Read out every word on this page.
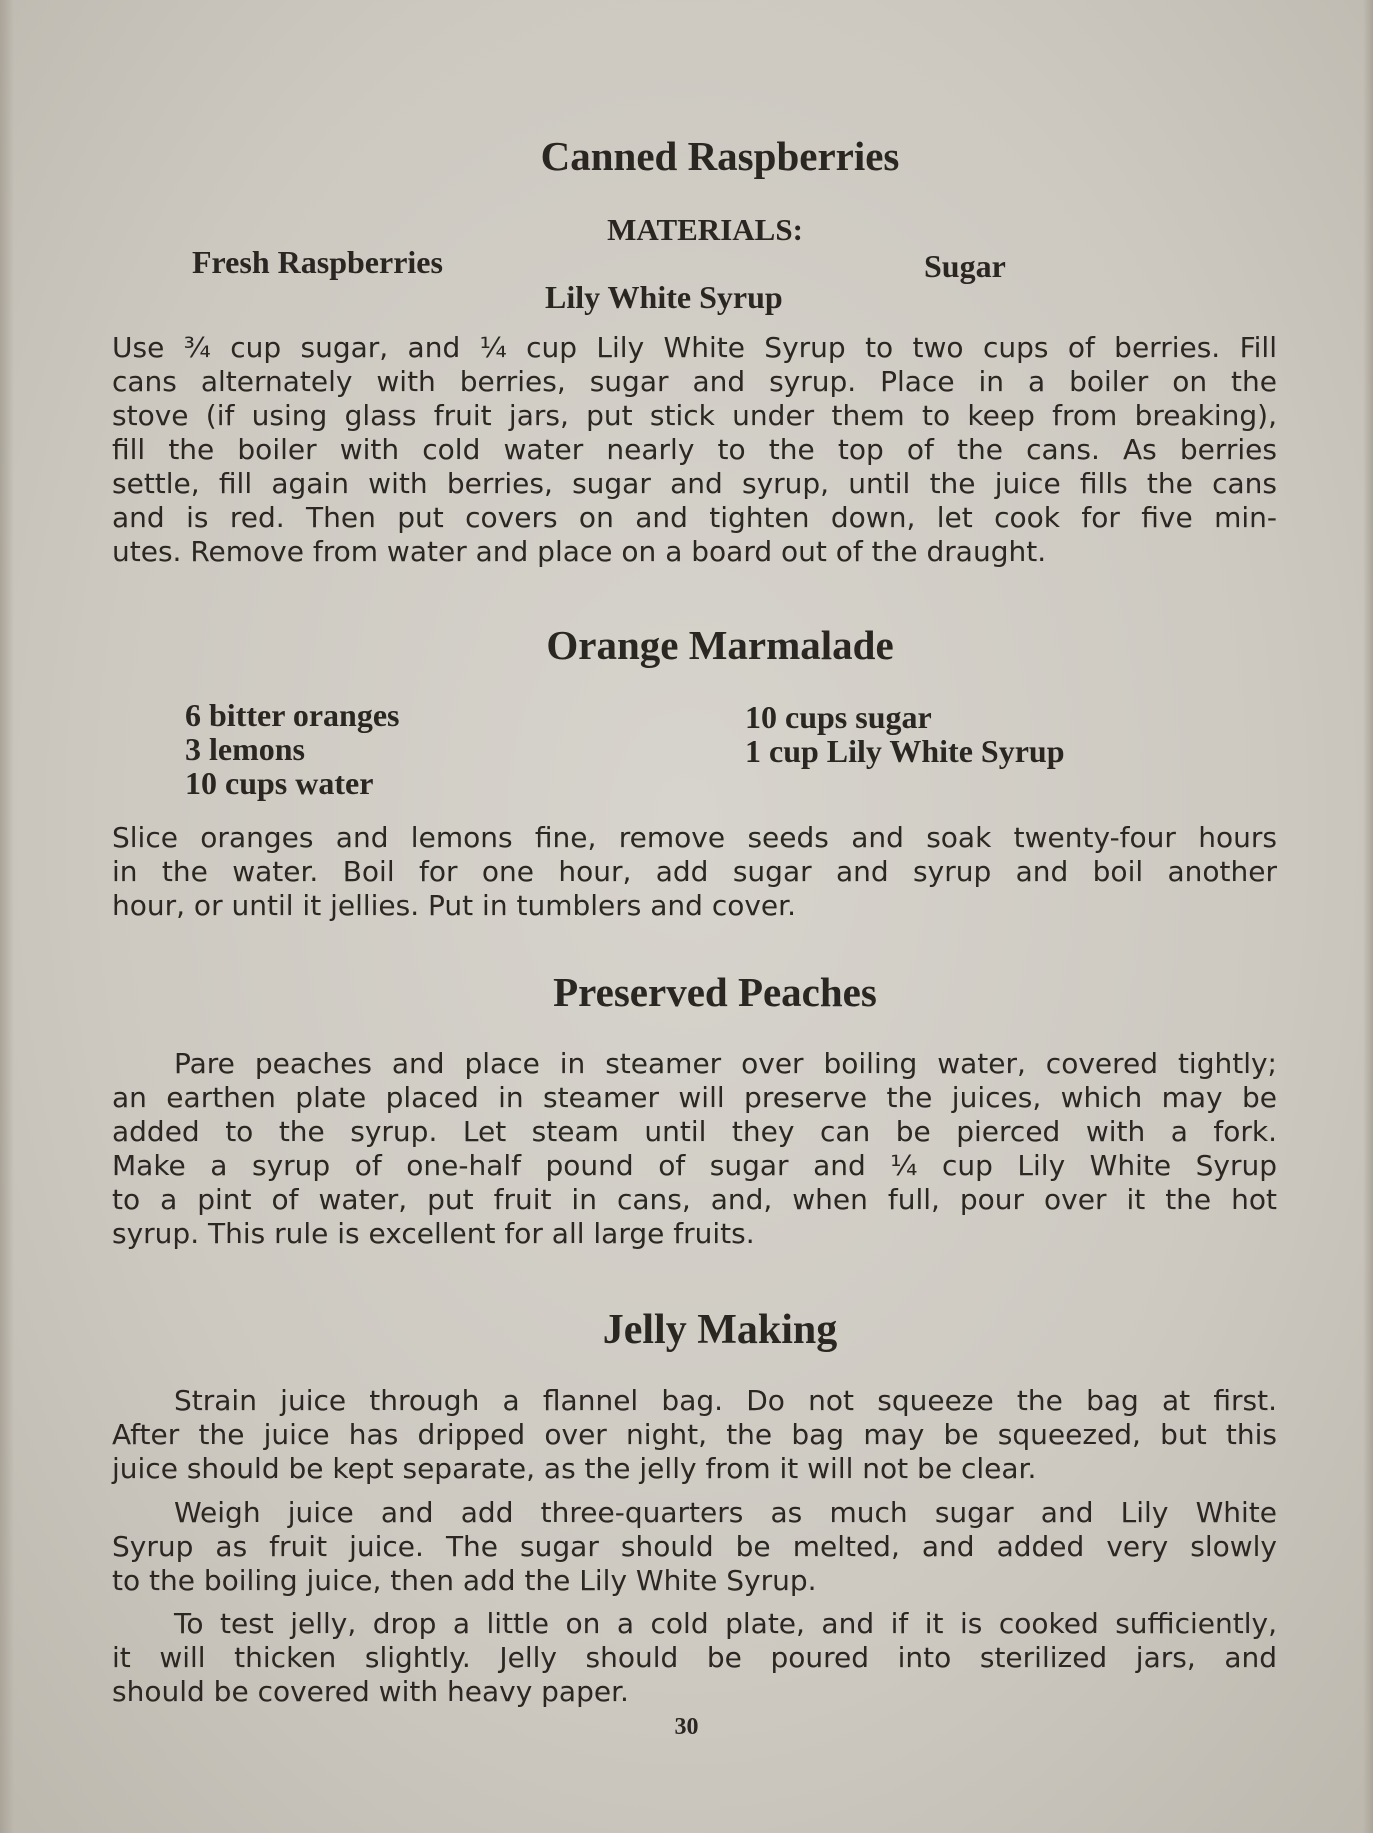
Canned Raspberries
MATERIALS:
Fresh Raspberries	Sugar
Lily White Syrup
Use ¾ cup sugar, and ¼ cup Lily White Syrup to two cups of berries. Fill
cans alternately with berries, sugar and syrup. Place in a boiler on the
stove (if using glass fruit jars, put stick under them to keep from breaking),
fill the boiler with cold water nearly to the top of the cans. As berries
settle, fill again with berries, sugar and syrup, until the juice fills the cans
and is red. Then put covers on and tighten down, let cook for five min-
utes. Remove from water and place on a board out of the draught.
Orange Marmalade
6 bitter oranges
3 lemons
10 cups water
10 cups sugar
1 cup Lily White Syrup
Slice oranges and lemons fine, remove seeds and soak twenty-four hours
in the water. Boil for one hour, add sugar and syrup and boil another
hour, or until it jellies. Put in tumblers and cover.
Preserved Peaches
Pare peaches and place in steamer over boiling water, covered tightly;
an earthen plate placed in steamer will preserve the juices, which may be
added to the syrup. Let steam until they can be pierced with a fork.
Make a syrup of one-half pound of sugar and ¼ cup Lily White Syrup
to a pint of water, put fruit in cans, and, when full, pour over it the hot
syrup. This rule is excellent for all large fruits.
Jelly Making
Strain juice through a flannel bag. Do not squeeze the bag at first.
After the juice has dripped over night, the bag may be squeezed, but this
juice should be kept separate, as the jelly from it will not be clear.
Weigh juice and add three-quarters as much sugar and Lily White
Syrup as fruit juice. The sugar should be melted, and added very slowly
to the boiling juice, then add the Lily White Syrup.
To test jelly, drop a little on a cold plate, and if it is cooked sufficiently,
it will thicken slightly. Jelly should be poured into sterilized jars, and
should be covered with heavy paper.
30
